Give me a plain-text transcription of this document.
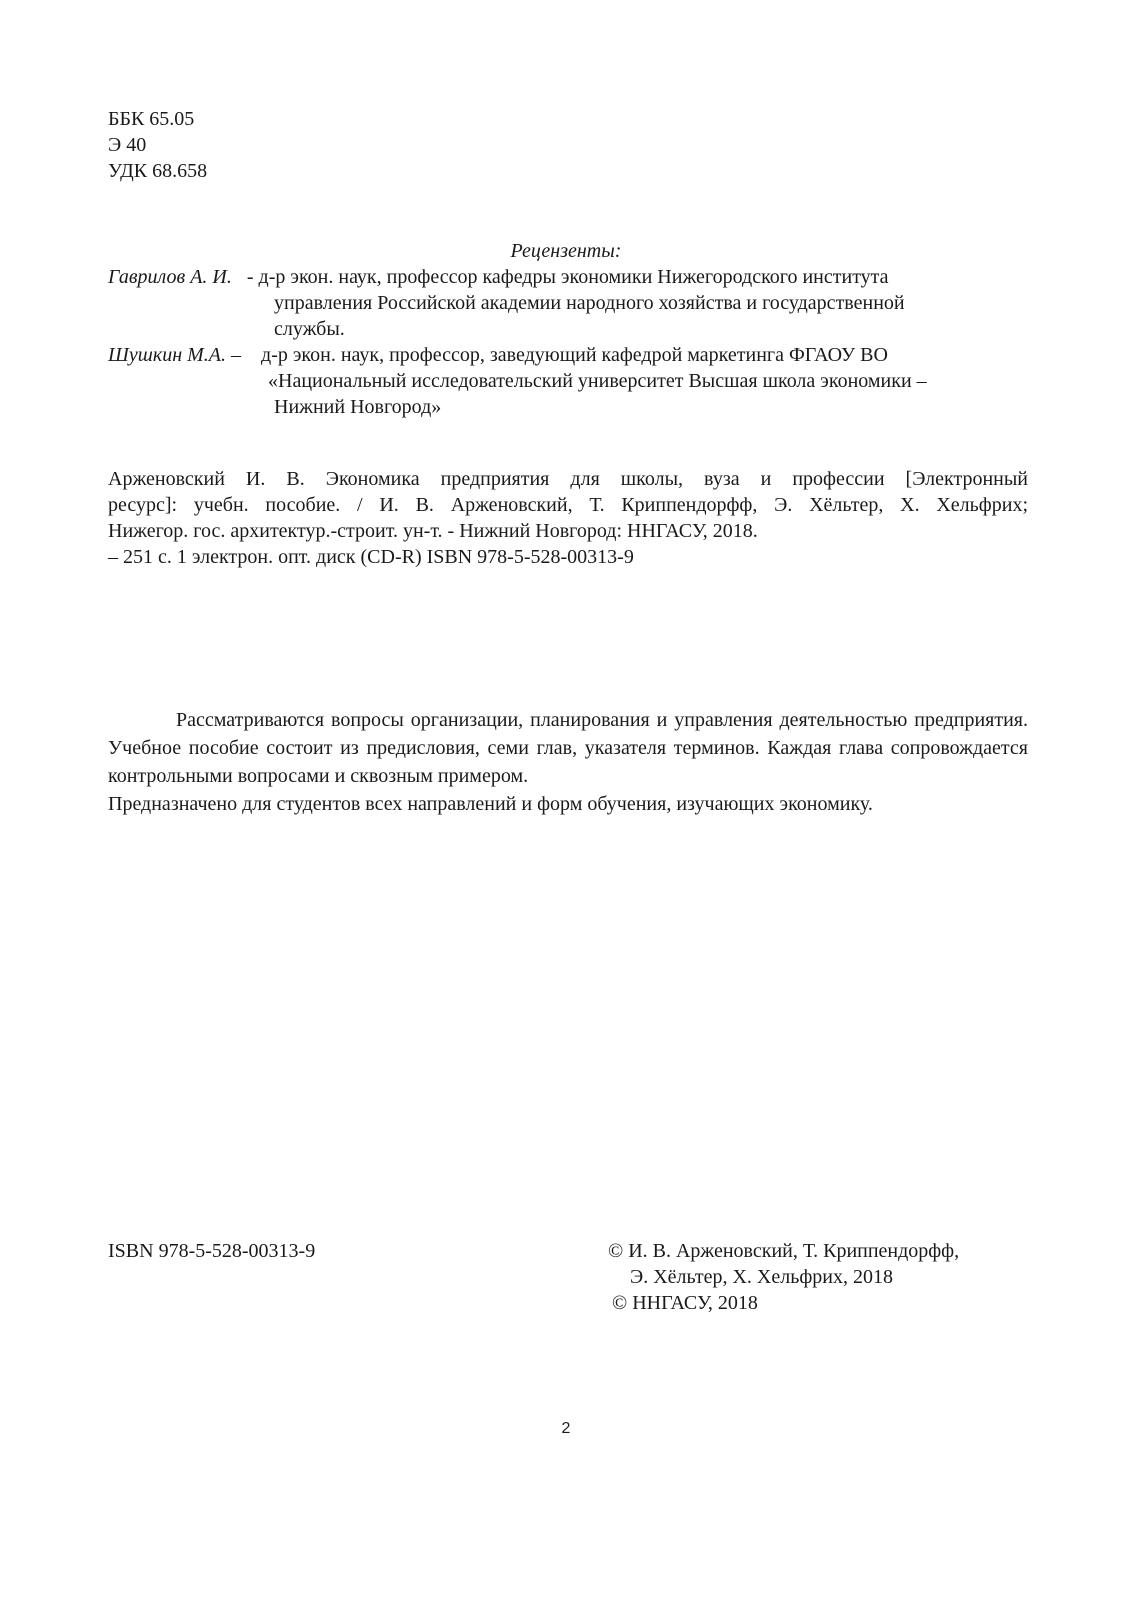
ББК 65.05
Э 40
УДК 68.658
Рецензенты:
Гаврилов А. И. - д-р экон. наук, профессор кафедры экономики Нижегородского института
управления Российской академии народного хозяйства и государственной
службы.
Шушкин М.А. – д-р экон. наук, профессор, заведующий кафедрой маркетинга ФГАОУ ВО
«Национальный исследовательский университет Высшая школа экономики –
Нижний Новгород»
Арженовский И. В. Экономика предприятия для школы, вуза и профессии [Электронный
ресурс]: учебн. пособие. / И. В. Арженовский, Т. Криппендорфф, Э. Хёльтер, Х. Хельфрих;
Нижегор. гос. архитектур.-строит. ун-т. - Нижний Новгород: ННГАСУ, 2018.
– 251 с. 1 электрон. опт. диск (CD-R) ISBN 978-5-528-00313-9
Рассматриваются вопросы организации, планирования и управления деятельностью предприятия. Учебное пособие состоит из предисловия, семи глав, указателя терминов. Каждая глава сопровождается контрольными вопросами и сквозным примером.
Предназначено для студентов всех направлений и форм обучения, изучающих экономику.
ISBN 978-5-528-00313-9	© И. В. Арженовский, Т. Криппендорфф,
Э. Хёльтер, Х. Хельфрих, 2018
© ННГАСУ, 2018
2
